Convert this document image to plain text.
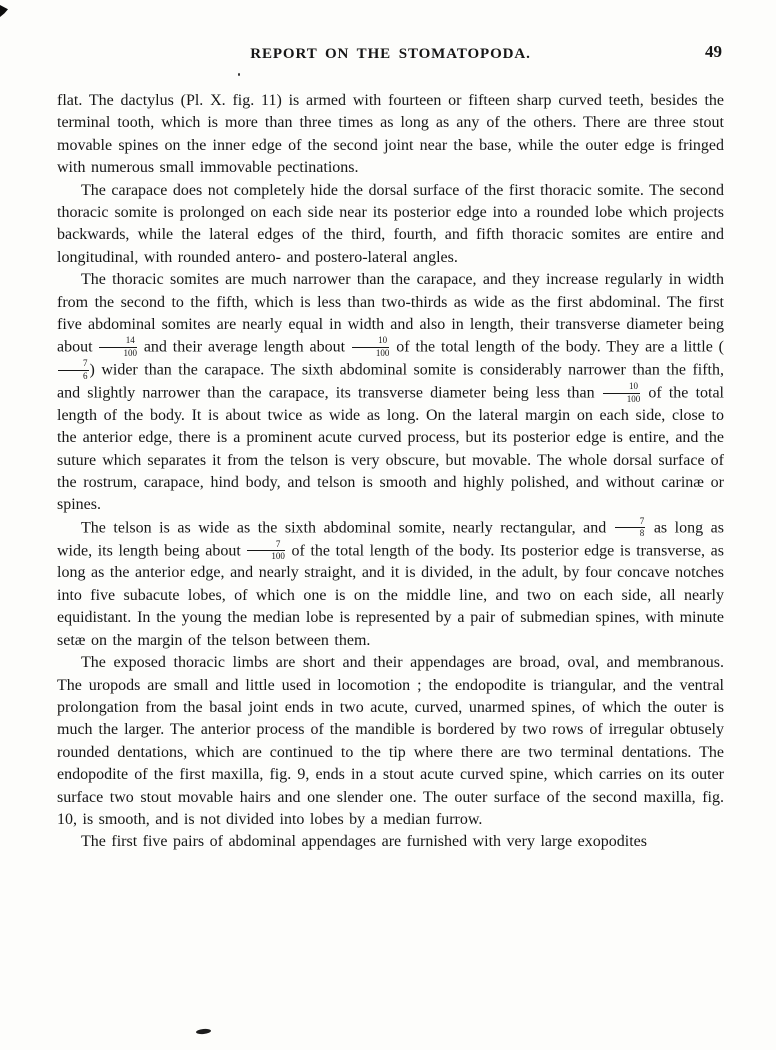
REPORT ON THE STOMATOPODA.	49

flat. The dactylus (Pl. X. fig. 11) is armed with fourteen or fifteen sharp curved teeth, besides the terminal tooth, which is more than three times as long as any of the others. There are three stout movable spines on the inner edge of the second joint near the base, while the outer edge is fringed with numerous small immovable pectinations.

The carapace does not completely hide the dorsal surface of the first thoracic somite. The second thoracic somite is prolonged on each side near its posterior edge into a rounded lobe which projects backwards, while the lateral edges of the third, fourth, and fifth thoracic somites are entire and longitudinal, with rounded antero- and postero-lateral angles.

The thoracic somites are much narrower than the carapace, and they increase regularly in width from the second to the fifth, which is less than two-thirds as wide as the first abdominal. The first five abdominal somites are nearly equal in width and also in length, their transverse diameter being about $\frac{14}{100}$ and their average length about $\frac{10}{100}$ of the total length of the body. They are a little (
$\frac{7}{6}$ ) wider than the carapace. The sixth abdominal somite is considerably narrower than the fifth, and slightly narrower than the carapace, its transverse diameter being less than $\frac{10}{100}$ of the total length of the body. It is about twice as wide as long. On the lateral margin on each side, close to the anterior edge, there is a prominent acute curved process, but its posterior edge is entire, and the suture which separates it from the telson is very obscure, but movable. The whole dorsal surface of the rostrum, carapace, hind body, and telson is smooth and highly polished, and without carinæ or spines.

The telson is as wide as the sixth abdominal somite, nearly rectangular, and $\frac{7}{8}$ as long as wide, its length being about $\frac{7}{100}$ of the total length of the body. Its posterior edge is transverse, as long as the anterior edge, and nearly straight, and it is divided, in the adult, by four concave notches into five subacute lobes, of which one is on the middle line, and two on each side, all nearly equidistant. In the young the median lobe is represented by a pair of submedian spines, with minute setæ on the margin of the telson between them.

The exposed thoracic limbs are short and their appendages are broad, oval, and membranous. The uropods are small and little used in locomotion ; the endopodite is triangular, and the ventral prolongation from the basal joint ends in two acute, curved, unarmed spines, of which the outer is much the larger. The anterior process of the mandible is bordered by two rows of irregular obtusely rounded dentations, which are continued to the tip where there are two terminal dentations. The endopodite of the first maxilla, fig. 9, ends in a stout acute curved spine, which carries on its outer surface two stout movable hairs and one slender one. The outer surface of the second maxilla, fig. 10, is smooth, and is not divided into lobes by a median furrow.

The first five pairs of abdominal appendages are furnished with very large exopodites
